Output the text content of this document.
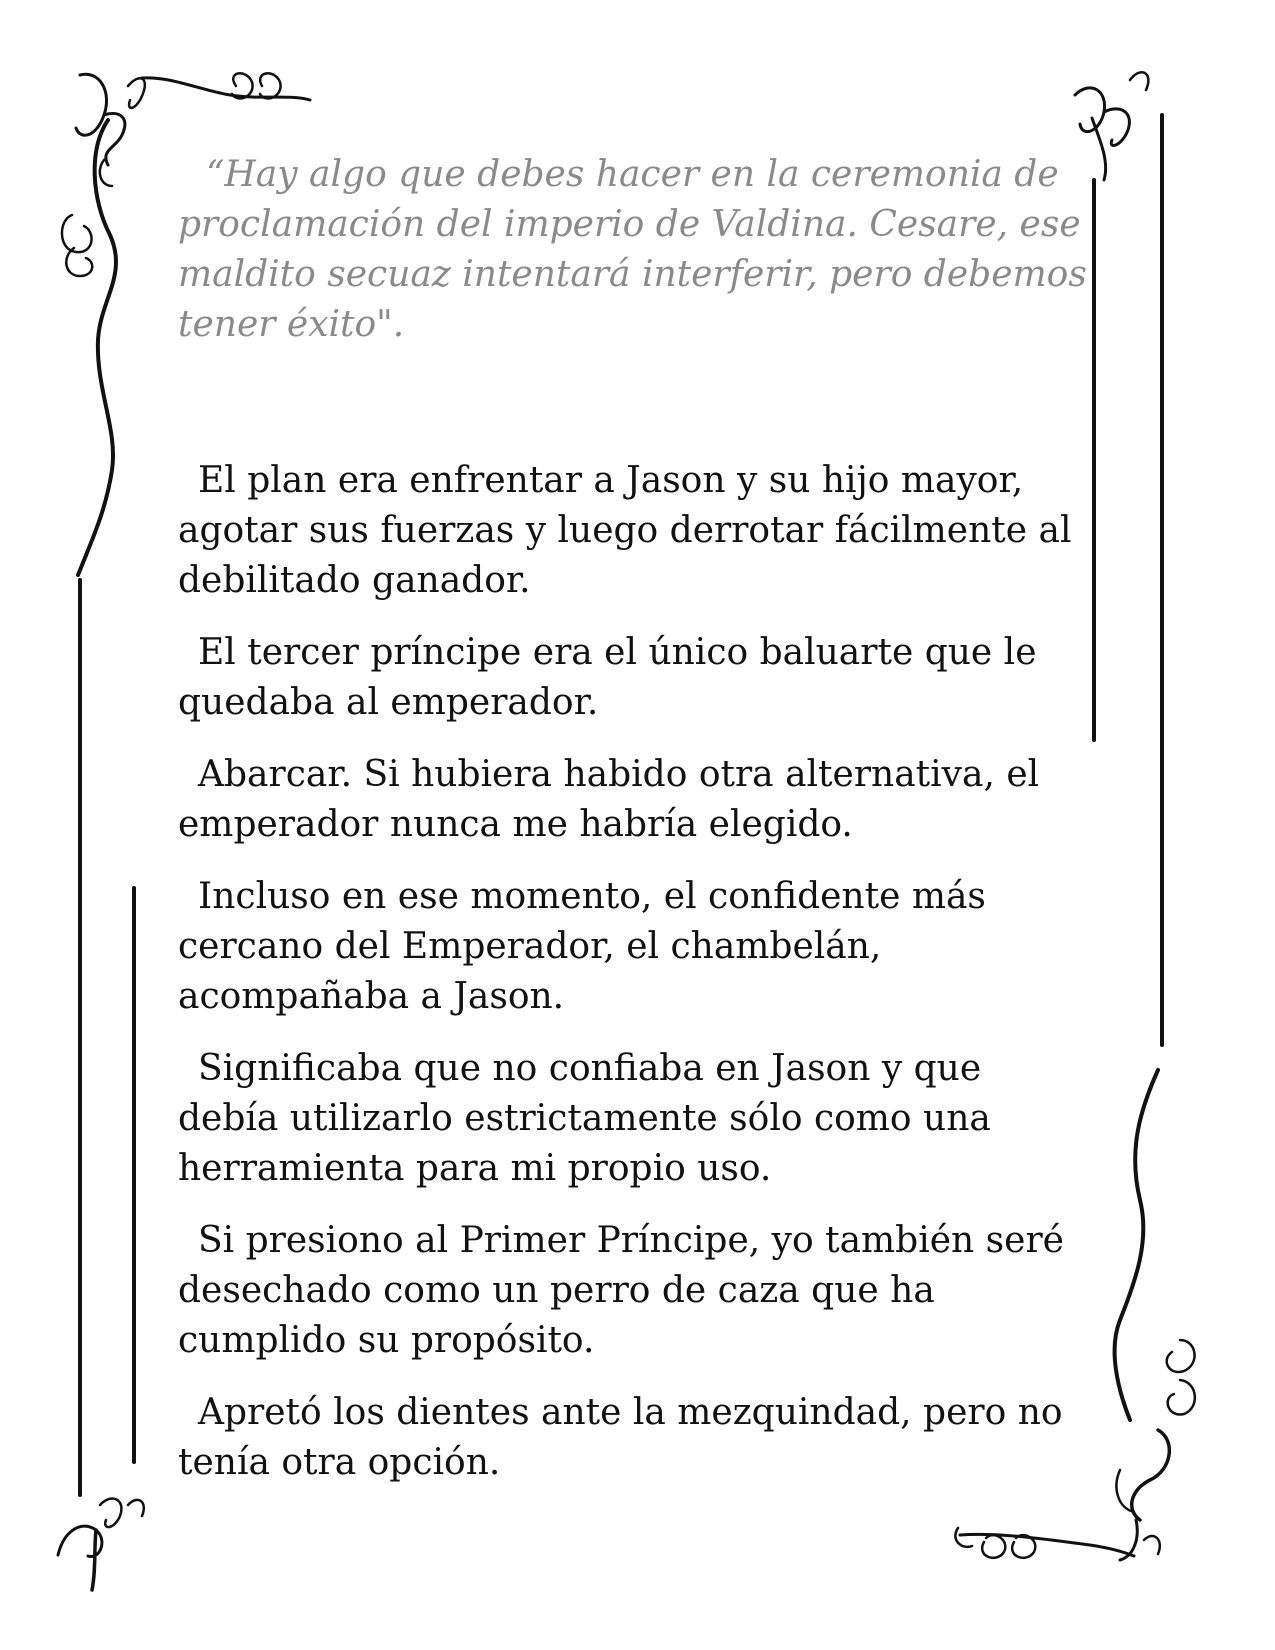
“Hay algo que debes hacer en la ceremonia de proclamación del imperio de Valdina. Cesare, ese maldito secuaz intentará interferir, pero debemos tener éxito".

El plan era enfrentar a Jason y su hijo mayor, agotar sus fuerzas y luego derrotar fácilmente al debilitado ganador.

El tercer príncipe era el único baluarte que le quedaba al emperador.

Abarcar. Si hubiera habido otra alternativa, el emperador nunca me habría elegido.

Incluso en ese momento, el confidente más cercano del Emperador, el chambelán, acompañaba a Jason.

Significaba que no confiaba en Jason y que debía utilizarlo estrictamente sólo como una herramienta para mi propio uso.

Si presiono al Primer Príncipe, yo también seré desechado como un perro de caza que ha cumplido su propósito.

Apretó los dientes ante la mezquindad, pero no tenía otra opción.
